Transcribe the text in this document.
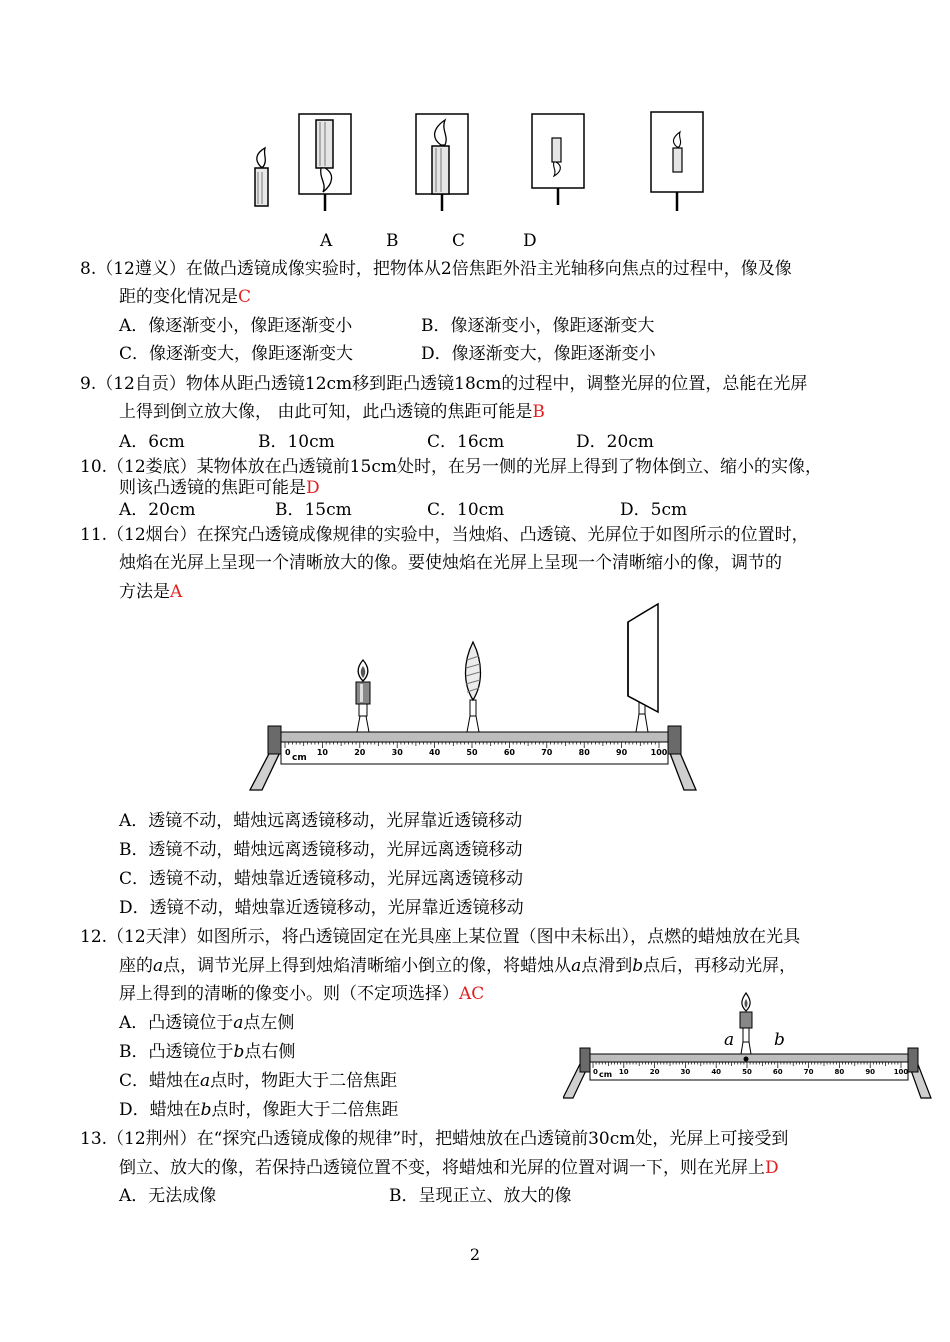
A	B	C	D
8.（12遵义）在做凸透镜成像实验时，把物体从2倍焦距外沿主光轴移向焦点的过程中，像及像
距的变化情况是C
A．像逐渐变小，像距逐渐变小	B．像逐渐变小，像距逐渐变大
C．像逐渐变大，像距逐渐变大	D．像逐渐变大，像距逐渐变小
9.（12自贡）物体从距凸透镜12cm移到距凸透镜18cm的过程中，调整光屏的位置，总能在光屏
上得到倒立放大像， 由此可知，此凸透镜的焦距可能是B
A．6cm	B．10cm	C．16cm	D．20cm
10.（12娄底）某物体放在凸透镜前15cm处时，在另一侧的光屏上得到了物体倒立、缩小的实像，
则该凸透镜的焦距可能是D
A．20cm	B．15cm	C．10cm	D．5cm
11.（12烟台）在探究凸透镜成像规律的实验中，当烛焰、凸透镜、光屏位于如图所示的位置时，
烛焰在光屏上呈现一个清晰放大的像。要使烛焰在光屏上呈现一个清晰缩小的像，调节的
方法是A
cm
0	10	20	30	40	50	60	70	80	90	100
A．透镜不动，蜡烛远离透镜移动，光屏靠近透镜移动
B．透镜不动，蜡烛远离透镜移动，光屏远离透镜移动
C．透镜不动，蜡烛靠近透镜移动，光屏远离透镜移动
D．透镜不动，蜡烛靠近透镜移动，光屏靠近透镜移动
12.（12天津）如图所示，将凸透镜固定在光具座上某位置（图中未标出），点燃的蜡烛放在光具
座的a点，调节光屏上得到烛焰清晰缩小倒立的像，将蜡烛从a点滑到b点后，再移动光屏，
屏上得到的清晰的像变小。则（不定项选择）AC
A．凸透镜位于a点左侧
B．凸透镜位于b点右侧
C．蜡烛在a点时，物距大于二倍焦距
D．蜡烛在b点时，像距大于二倍焦距
cm
0	10	20	30	40	50	60	70	80	90	100
a b
13.（12荆州）在“探究凸透镜成像的规律”时，把蜡烛放在凸透镜前30cm处，光屏上可接受到
倒立、放大的像，若保持凸透镜位置不变，将蜡烛和光屏的位置对调一下，则在光屏上D
A．无法成像	B．呈现正立、放大的像
2
